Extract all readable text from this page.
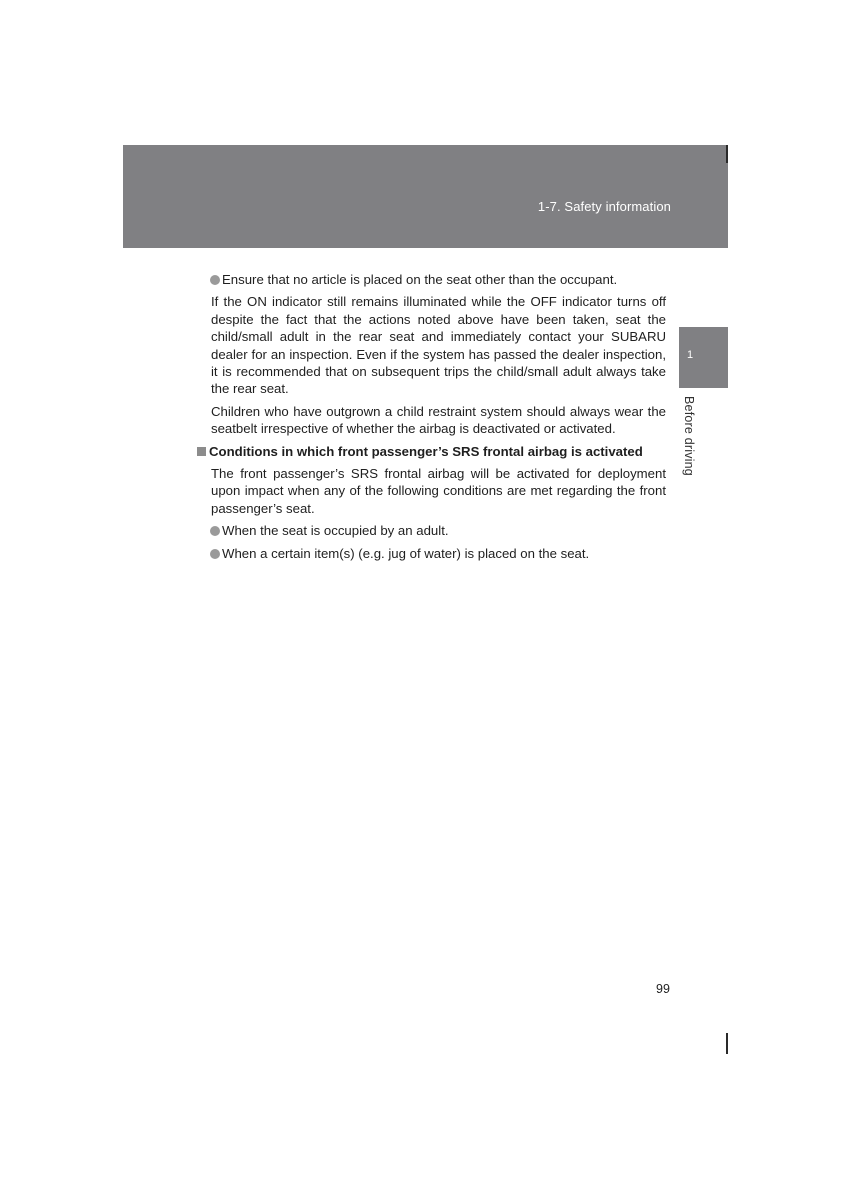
1-7. Safety information
1
Before driving
Ensure that no article is placed on the seat other than the occupant.

If the ON indicator still remains illuminated while the OFF indicator turns off despite the fact that the actions noted above have been taken, seat the child/small adult in the rear seat and immediately contact your SUBARU dealer for an inspection. Even if the system has passed the dealer inspection, it is recommended that on subsequent trips the child/small adult always take the rear seat.

Children who have outgrown a child restraint system should always wear the seatbelt irrespective of whether the airbag is deactivated or activated.

Conditions in which front passenger’s SRS frontal airbag is activated

The front passenger’s SRS frontal airbag will be activated for deployment upon impact when any of the following conditions are met regarding the front passenger’s seat.

When the seat is occupied by an adult.
When a certain item(s) (e.g. jug of water) is placed on the seat.
99
